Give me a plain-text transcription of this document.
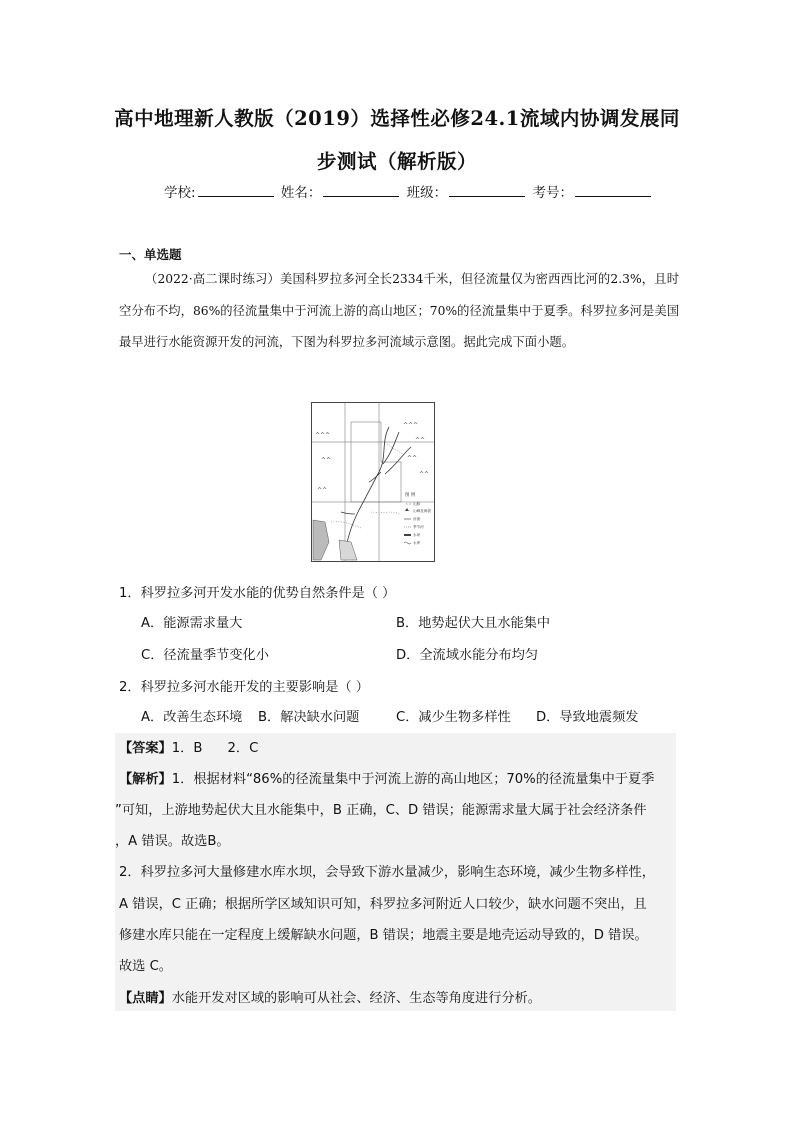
高中地理新人教版（2019）选择性必修24.1流域内协调发展同
步测试（解析版）
学校:	姓名：	班级：	考号：
一、单选题

（2022·高二课时练习）美国科罗拉多河全长2334千米，但径流量仅为密西西比河的2.3%，且时空分布不均，86%的径流量集中于河流上游的高山地区；70%的径流量集中于夏季。科罗拉多河是美国最早进行水能资源开发的河流，下图为科罗拉多河流域示意图。据此完成下面小题。

^^^
^^
^^^
^^
^^
^^
^^
图 例
山脉
山峰及海拔
河流
季节河
水坝
水库
^^
1．科罗拉多河开发水能的优势自然条件是（ ）
A．能源需求量大	B．地势起伏大且水能集中
C．径流量季节变化小	D．全流域水能分布均匀
2．科罗拉多河水能开发的主要影响是（ ）
A．改善生态环境 B．解决缺水问题	C．减少生物多样性 D．导致地震频发
【答案】1．B      2．C
【解析】1．根据材料“86%的径流量集中于河流上游的高山地区；70%的径流量集中于夏季
”可知，上游地势起伏大且水能集中，B 正确，C、D 错误；能源需求量大属于社会经济条件
，A 错误。故选B。
2．科罗拉多河大量修建水库水坝，会导致下游水量减少，影响生态环境，减少生物多样性，
A 错误，C 正确；根据所学区域知识可知，科罗拉多河附近人口较少，缺水问题不突出，且
修建水库只能在一定程度上缓解缺水问题，B 错误；地震主要是地壳运动导致的，D 错误。
故选 C。
【点睛】水能开发对区域的影响可从社会、经济、生态等角度进行分析。
